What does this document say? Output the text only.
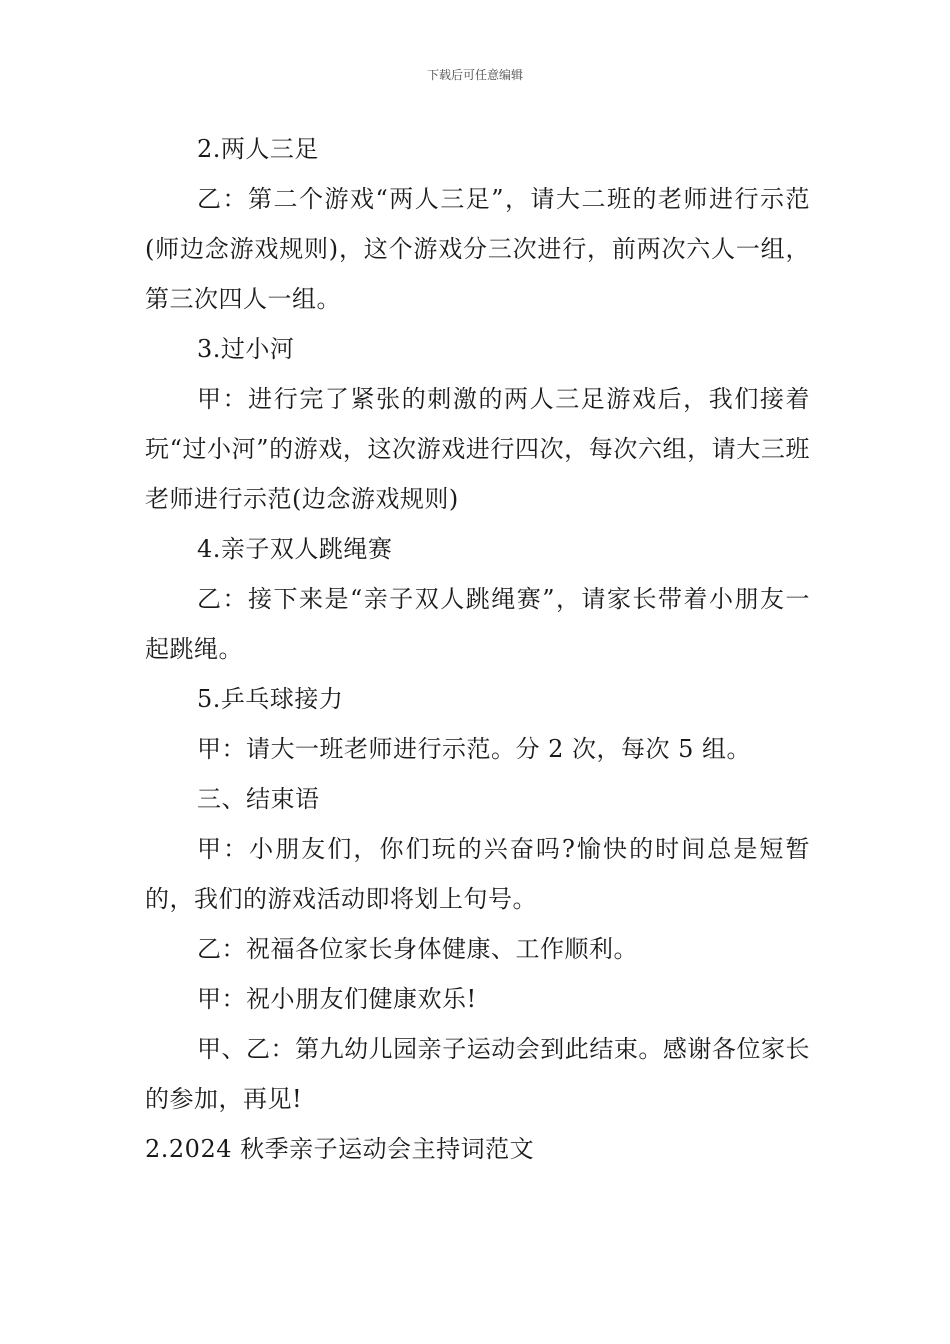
下载后可任意编辑

2.两人三足

乙：第二个游戏“两人三足”，请大二班的老师进行示范(师边念游戏规则)，这个游戏分三次进行，前两次六人一组，第三次四人一组。

3.过小河

甲：进行完了紧张的刺激的两人三足游戏后，我们接着玩“过小河”的游戏，这次游戏进行四次，每次六组，请大三班老师进行示范(边念游戏规则)

4.亲子双人跳绳赛

乙：接下来是“亲子双人跳绳赛”，请家长带着小朋友一起跳绳。

5.乒乓球接力

甲：请大一班老师进行示范。分 2 次，每次 5 组。

三、结束语

甲：小朋友们，你们玩的兴奋吗?愉快的时间总是短暂的，我们的游戏活动即将划上句号。

乙：祝福各位家长身体健康、工作顺利。

甲：祝小朋友们健康欢乐!

甲、乙：第九幼儿园亲子运动会到此结束。感谢各位家长的参加，再见!

2.2024 秋季亲子运动会主持词范文
